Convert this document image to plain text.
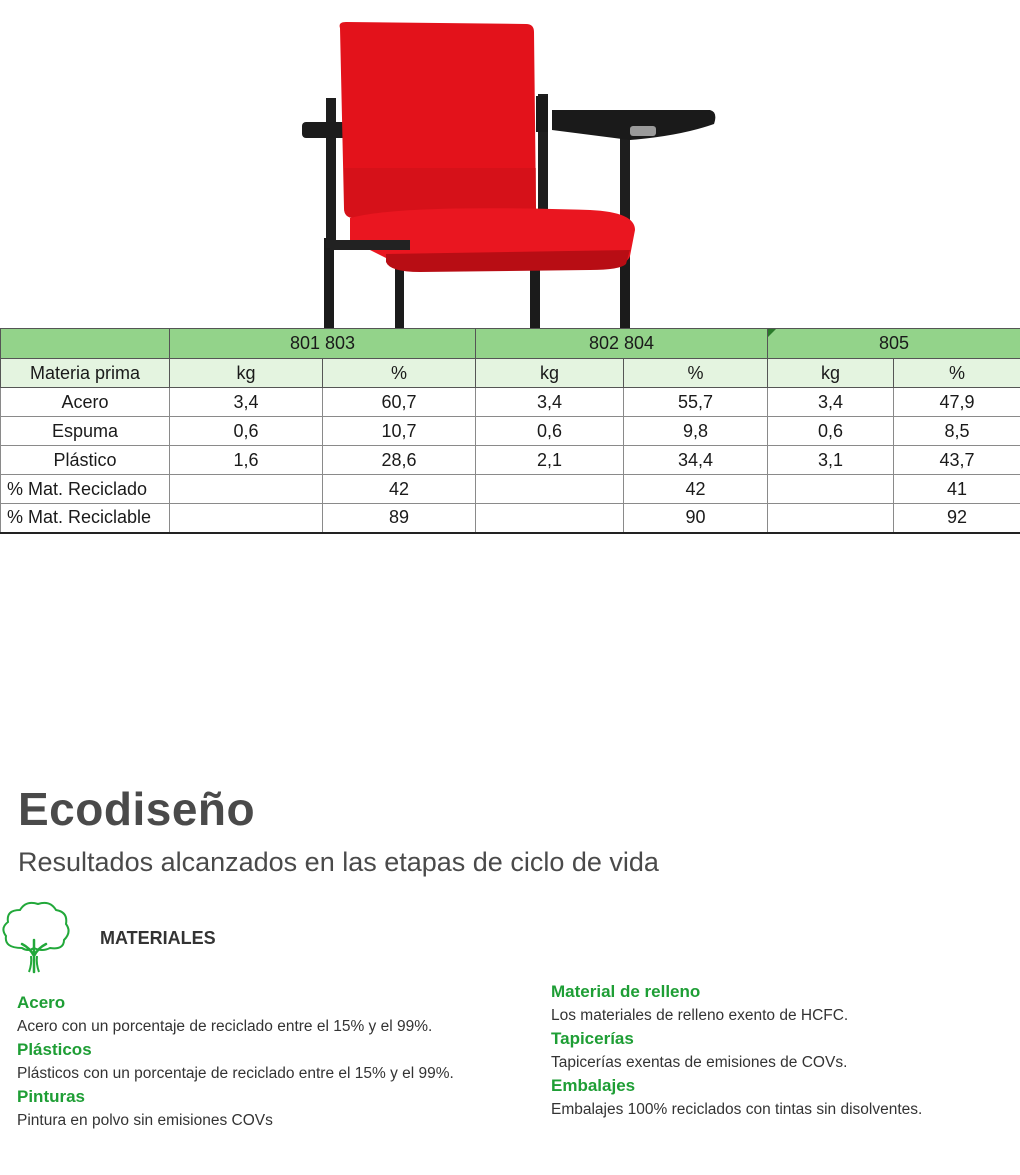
	801 803		802 804		805	
Materia prima	kg	%	kg	%	kg	%
Acero	3,4	60,7	3,4	55,7	3,4	47,9
Espuma	0,6	10,7	0,6	9,8	0,6	8,5
Plástico	1,6	28,6	2,1	34,4	3,1	43,7
% Mat. Reciclado		42		42		41
% Mat. Reciclable		89		90		92
Ecodiseño
Resultados alcanzados en las etapas de ciclo de vida
MATERIALES
Acero
Acero con un porcentaje de reciclado entre el 15% y el 99%.
Plásticos
Plásticos con un porcentaje de reciclado entre el 15% y el 99%.
Pinturas
Pintura en polvo sin emisiones COVs
Material de relleno
Los materiales de relleno exento de HCFC.
Tapicerías
Tapicerías exentas de emisiones de COVs.
Embalajes
Embalajes 100% reciclados con tintas sin disolventes.
